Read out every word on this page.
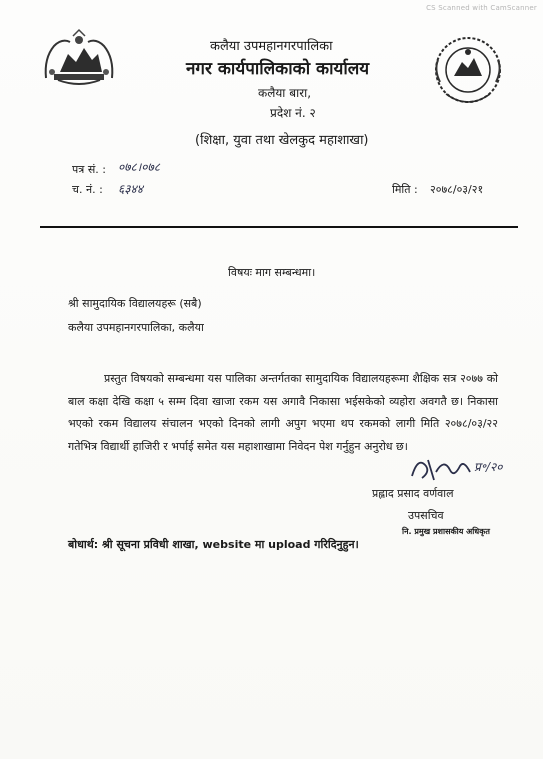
CS Scanned with CamScanner
कलैया उपमहानगरपालिका
नगर कार्यपालिकाको कार्यालय
कलैया बारा,
प्रदेश नं. २
(शिक्षा, युवा तथा खेलकुद महाशाखा)
पत्र सं. : ०७८।०७८
च. नं. : ६३४४	मिति : २०७८/०३/२१
विषयः माग सम्बन्धमा।
श्री सामुदायिक विद्यालयहरू (सबै)
कलैया उपमहानगरपालिका, कलैया
प्रस्तुत विषयको सम्बन्धमा यस पालिका अन्तर्गतका सामुदायिक विद्यालयहरूमा शैक्षिक सत्र २०७७ को बाल कक्षा देखि कक्षा ५ सम्म दिवा खाजा रकम यस अगावै निकासा भईसकेको व्यहोरा अवगतै छ। निकासा भएको रकम विद्यालय संचालन भएको दिनको लागी अपुग भएमा थप रकमको लागी मिति २०७८/०३/२२ गतेभित्र विद्यार्थी हाजिरी र भर्पाई समेत यस महाशाखामा निवेदन पेश गर्नुहुन अनुरोध छ।
प्र॰/२०
प्रह्लाद प्रसाद वर्णवाल
उपसचिव
नि. प्रमुख प्रशासकीय अधिकृत
बोधार्थ: श्री सूचना प्रविधी शाखा, website मा upload गरिदिनुहुन।
